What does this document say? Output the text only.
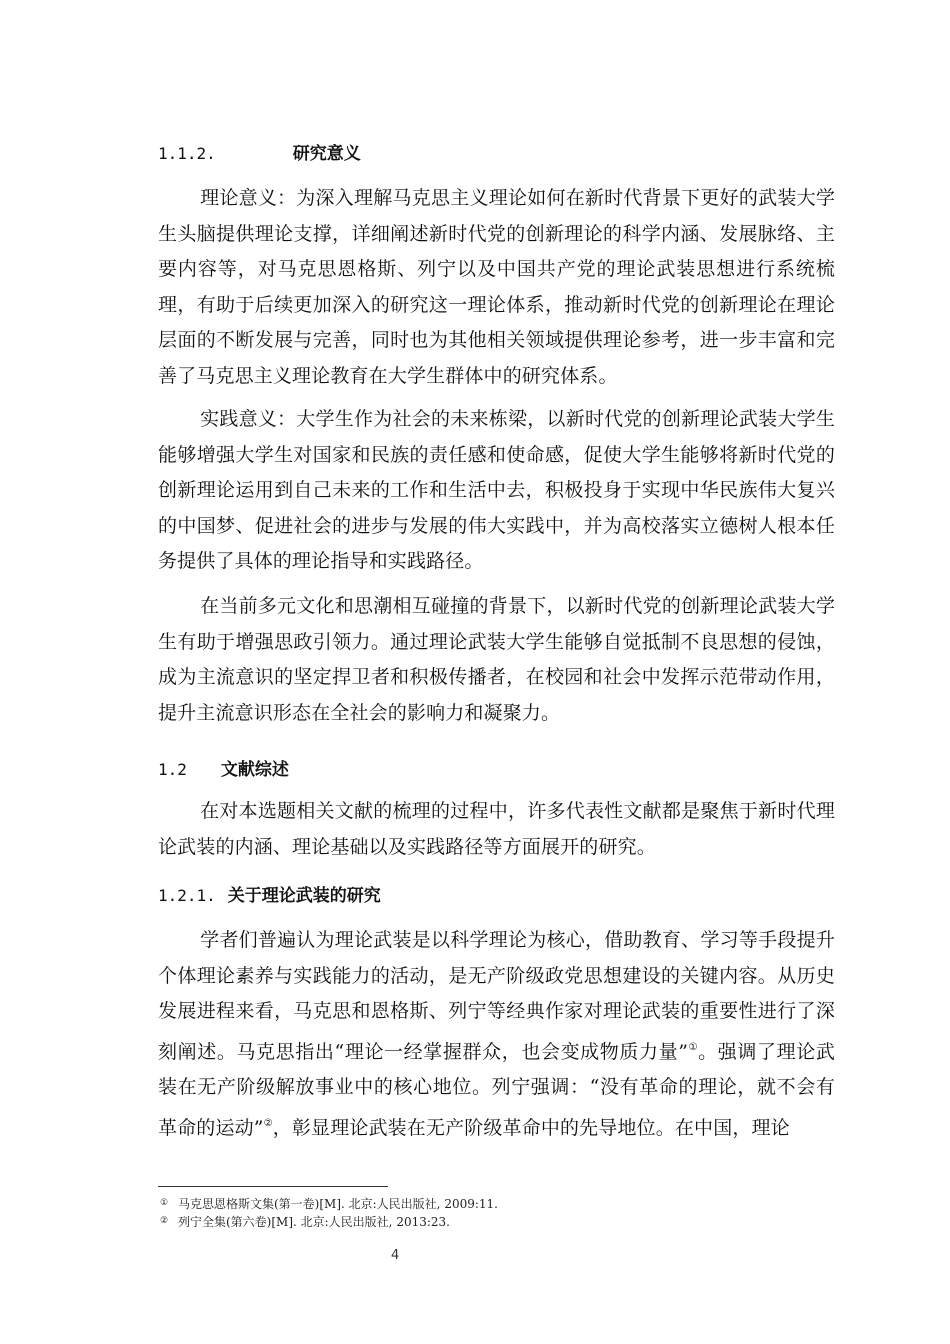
1.1.2.	研究意义
理论意义：为深入理解马克思主义理论如何在新时代背景下更好的武装大学生头脑提供理论支撑，详细阐述新时代党的创新理论的科学内涵、发展脉络、主要内容等，对马克思恩格斯、列宁以及中国共产党的理论武装思想进行系统梳理，有助于后续更加深入的研究这一理论体系，推动新时代党的创新理论在理论层面的不断发展与完善，同时也为其他相关领域提供理论参考，进一步丰富和完善了马克思主义理论教育在大学生群体中的研究体系。
实践意义：大学生作为社会的未来栋梁，以新时代党的创新理论武装大学生能够增强大学生对国家和民族的责任感和使命感，促使大学生能够将新时代党的创新理论运用到自己未来的工作和生活中去，积极投身于实现中华民族伟大复兴的中国梦、促进社会的进步与发展的伟大实践中，并为高校落实立德树人根本任务提供了具体的理论指导和实践路径。
在当前多元文化和思潮相互碰撞的背景下，以新时代党的创新理论武装大学生有助于增强思政引领力。通过理论武装大学生能够自觉抵制不良思想的侵蚀，成为主流意识的坚定捍卫者和积极传播者，在校园和社会中发挥示范带动作用，提升主流意识形态在全社会的影响力和凝聚力。
1.2 文献综述
在对本选题相关文献的梳理的过程中，许多代表性文献都是聚焦于新时代理论武装的内涵、理论基础以及实践路径等方面展开的研究。
1.2.1. 关于理论武装的研究
学者们普遍认为理论武装是以科学理论为核心，借助教育、学习等手段提升个体理论素养与实践能力的活动，是无产阶级政党思想建设的关键内容。从历史发展进程来看，马克思和恩格斯、列宁等经典作家对理论武装的重要性进行了深刻阐述。马克思指出“理论一经掌握群众，也会变成物质力量”①。强调了理论武装在无产阶级解放事业中的核心地位。列宁强调：“没有革命的理论，就不会有革命的运动”②，彰显理论武装在无产阶级革命中的先导地位。在中国，理论
① 马克思恩格斯文集(第一卷)[M]. 北京:人民出版社, 2009:11.
② 列宁全集(第六卷)[M]. 北京:人民出版社, 2013:23.
4
